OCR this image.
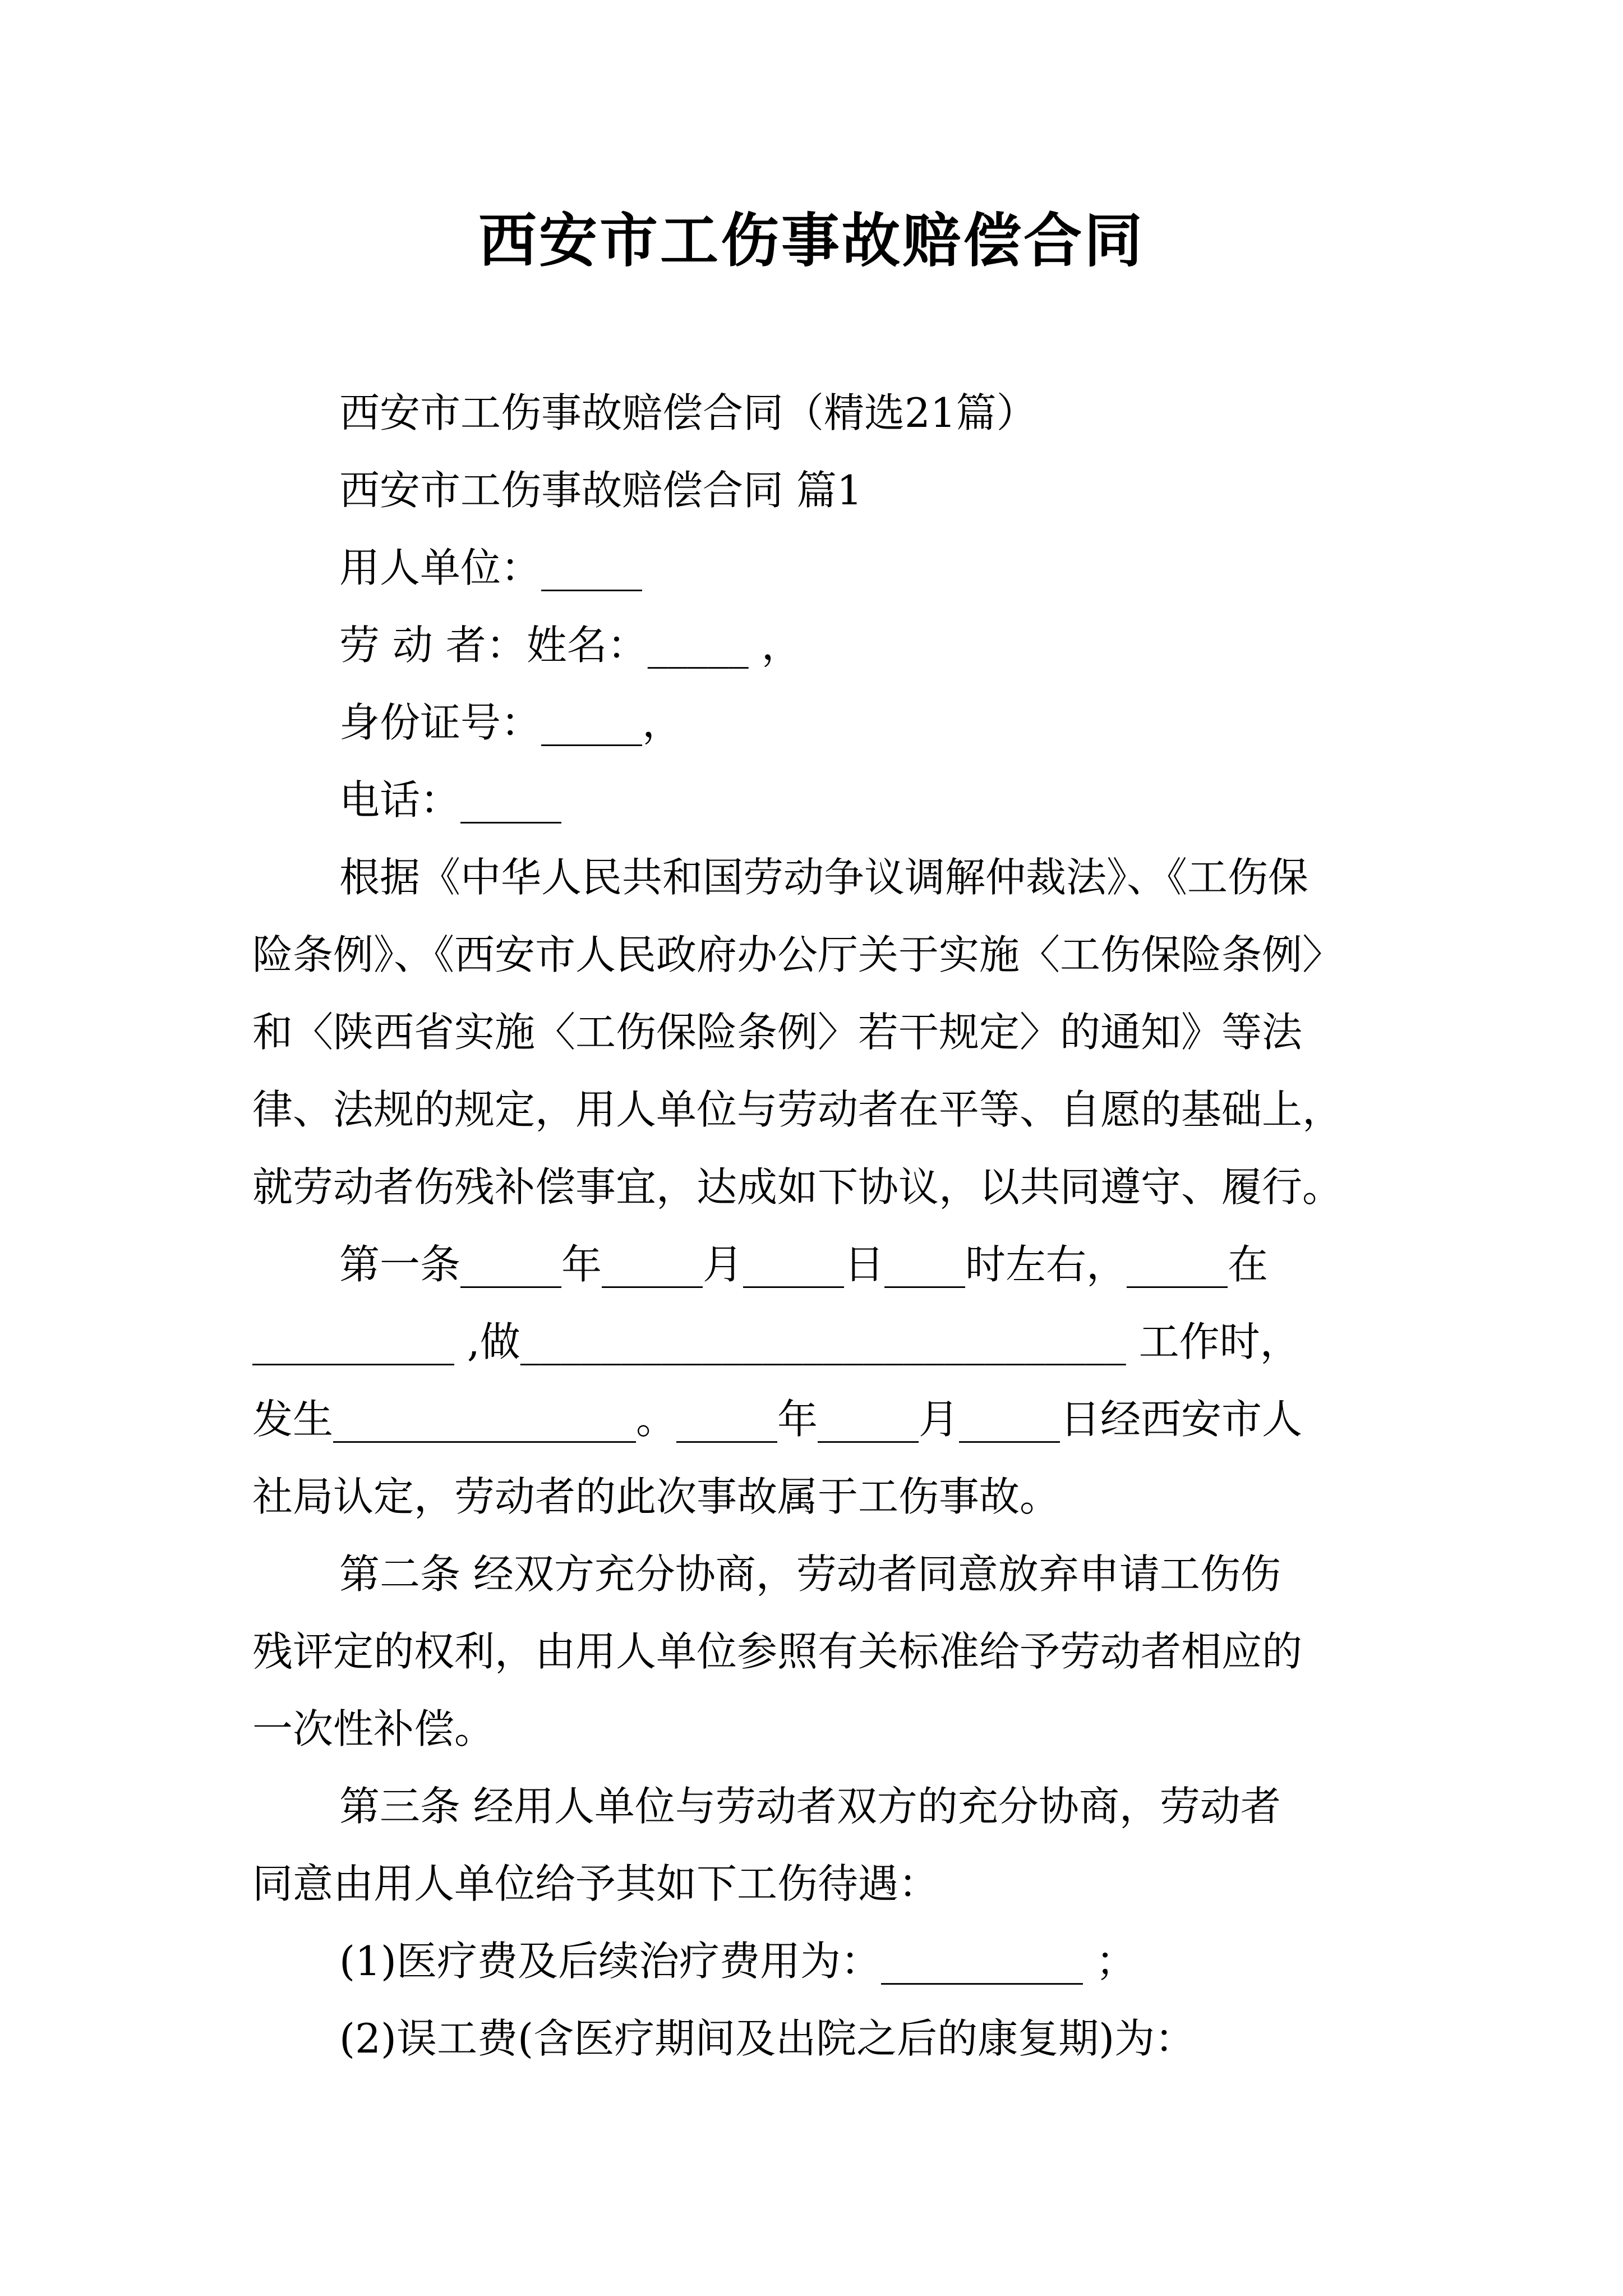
西安市工伤事故赔偿合同
西安市工伤事故赔偿合同（精选21篇）
西安市工伤事故赔偿合同 篇1
用人单位：_____
劳 动 者：姓名：_____ ，
身份证号：_____，
电话：_____
根据《中华人民共和国劳动争议调解仲裁法》、《工伤保
险条例》、《西安市人民政府办公厅关于实施〈工伤保险条例〉
和〈陕西省实施〈工伤保险条例〉若干规定〉的通知》等法
律、法规的规定，用人单位与劳动者在平等、自愿的基础上，
就劳动者伤残补偿事宜，达成如下协议，以共同遵守、履行。
第一条_____年_____月_____日____时左右，_____在
__________ ,做______________________________ 工作时，
发生_______________。_____年_____月_____日经西安市人
社局认定，劳动者的此次事故属于工伤事故。
第二条 经双方充分协商，劳动者同意放弃申请工伤伤
残评定的权利，由用人单位参照有关标准给予劳动者相应的
一次性补偿。
第三条 经用人单位与劳动者双方的充分协商，劳动者
同意由用人单位给予其如下工伤待遇：
(1)医疗费及后续治疗费用为：__________ ；
(2)误工费(含医疗期间及出院之后的康复期)为：
